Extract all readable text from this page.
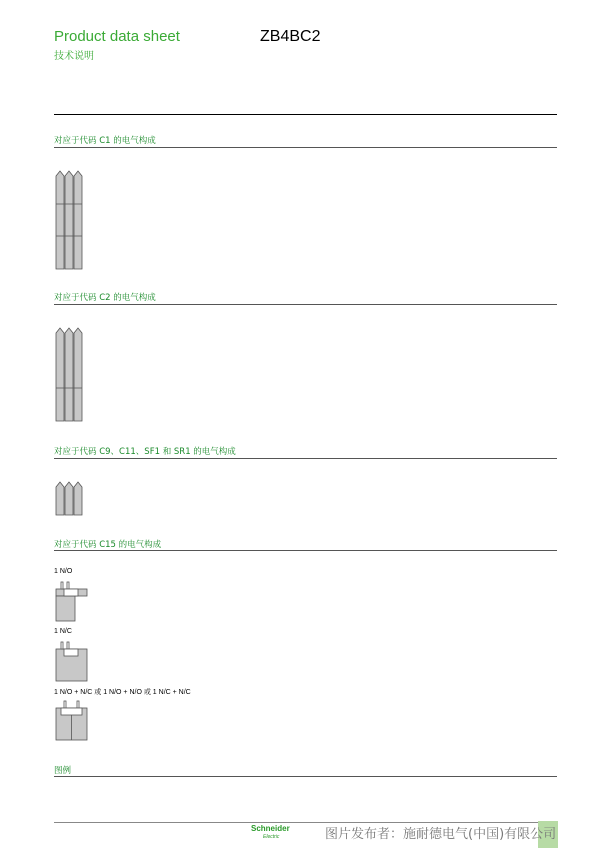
Product data sheet
技术说明
ZB4BC2
对应于代码 C1 的电气构成
对应于代码 C2 的电气构成
对应于代码 C9、C11、SF1 和 SR1 的电气构成
对应于代码 C15 的电气构成
1 N/O
1 N/C
1 N/O + N/C 或 1 N/O + N/O 或 1 N/C + N/C
图例
Schneider
Electric	图片发布者：施耐德电气(中国)有限公司
